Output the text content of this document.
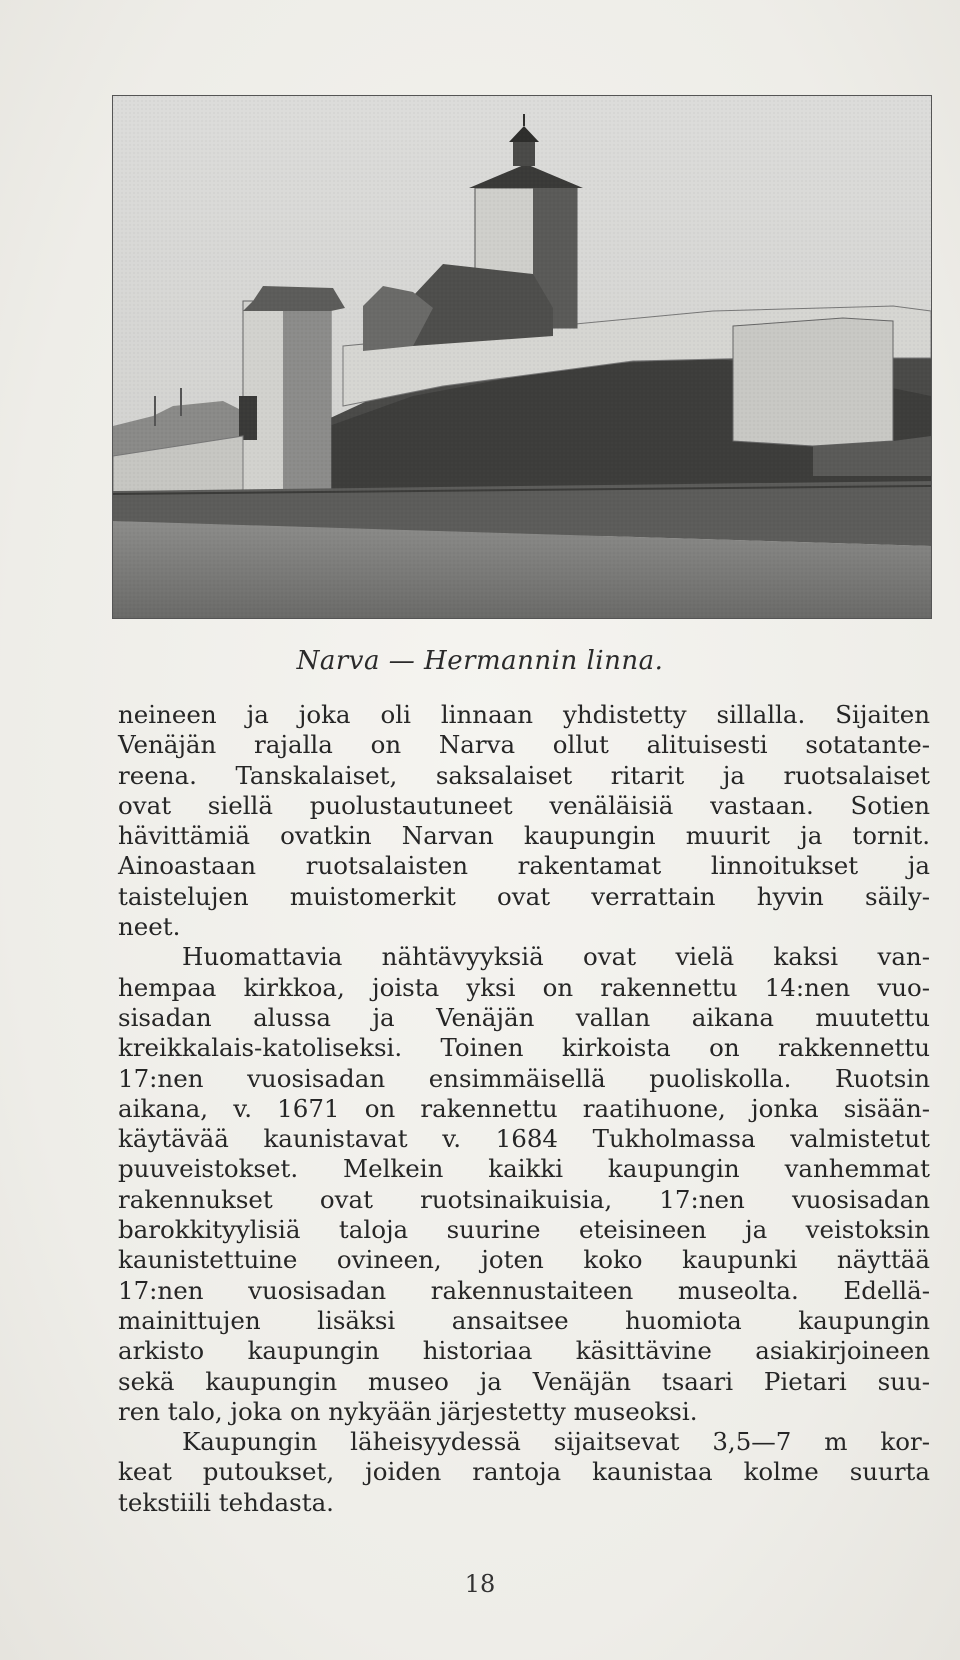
Narva — Hermannin linna.

neineen ja joka oli linnaan yhdistetty sillalla. Sijaiten
Venäjän rajalla on Narva ollut alituisesti sotatante-
reena. Tanskalaiset, saksalaiset ritarit ja ruotsalaiset
ovat siellä puolustautuneet venäläisiä vastaan. Sotien
hävittämiä ovatkin Narvan kaupungin muurit ja tornit.
Ainoastaan ruotsalaisten rakentamat linnoitukset ja
taistelujen muistomerkit ovat verrattain hyvin säily-
neet.

Huomattavia nähtävyyksiä ovat vielä kaksi van-
hempaa kirkkoa, joista yksi on rakennettu 14:nen vuo-
sisadan alussa ja Venäjän vallan aikana muutettu
kreikkalais-katoliseksi. Toinen kirkoista on rakkennettu
17:nen vuosisadan ensimmäisellä puoliskolla. Ruotsin
aikana, v. 1671 on rakennettu raatihuone, jonka sisään-
käytävää kaunistavat v. 1684 Tukholmassa valmistetut
puuveistokset. Melkein kaikki kaupungin vanhemmat
rakennukset ovat ruotsinaikuisia, 17:nen vuosisadan
barokkityylisiä taloja suurine eteisineen ja veistoksin
kaunistettuine ovineen, joten koko kaupunki näyttää
17:nen vuosisadan rakennustaiteen museolta. Edellä-
mainittujen lisäksi ansaitsee huomiota kaupungin
arkisto kaupungin historiaa käsittävine asiakirjoineen
sekä kaupungin museo ja Venäjän tsaari Pietari suu-
ren talo, joka on nykyään järjestetty museoksi.

Kaupungin läheisyydessä sijaitsevat 3,5—7 m kor-
keat putoukset, joiden rantoja kaunistaa kolme suurta
tekstiili tehdasta.

18
